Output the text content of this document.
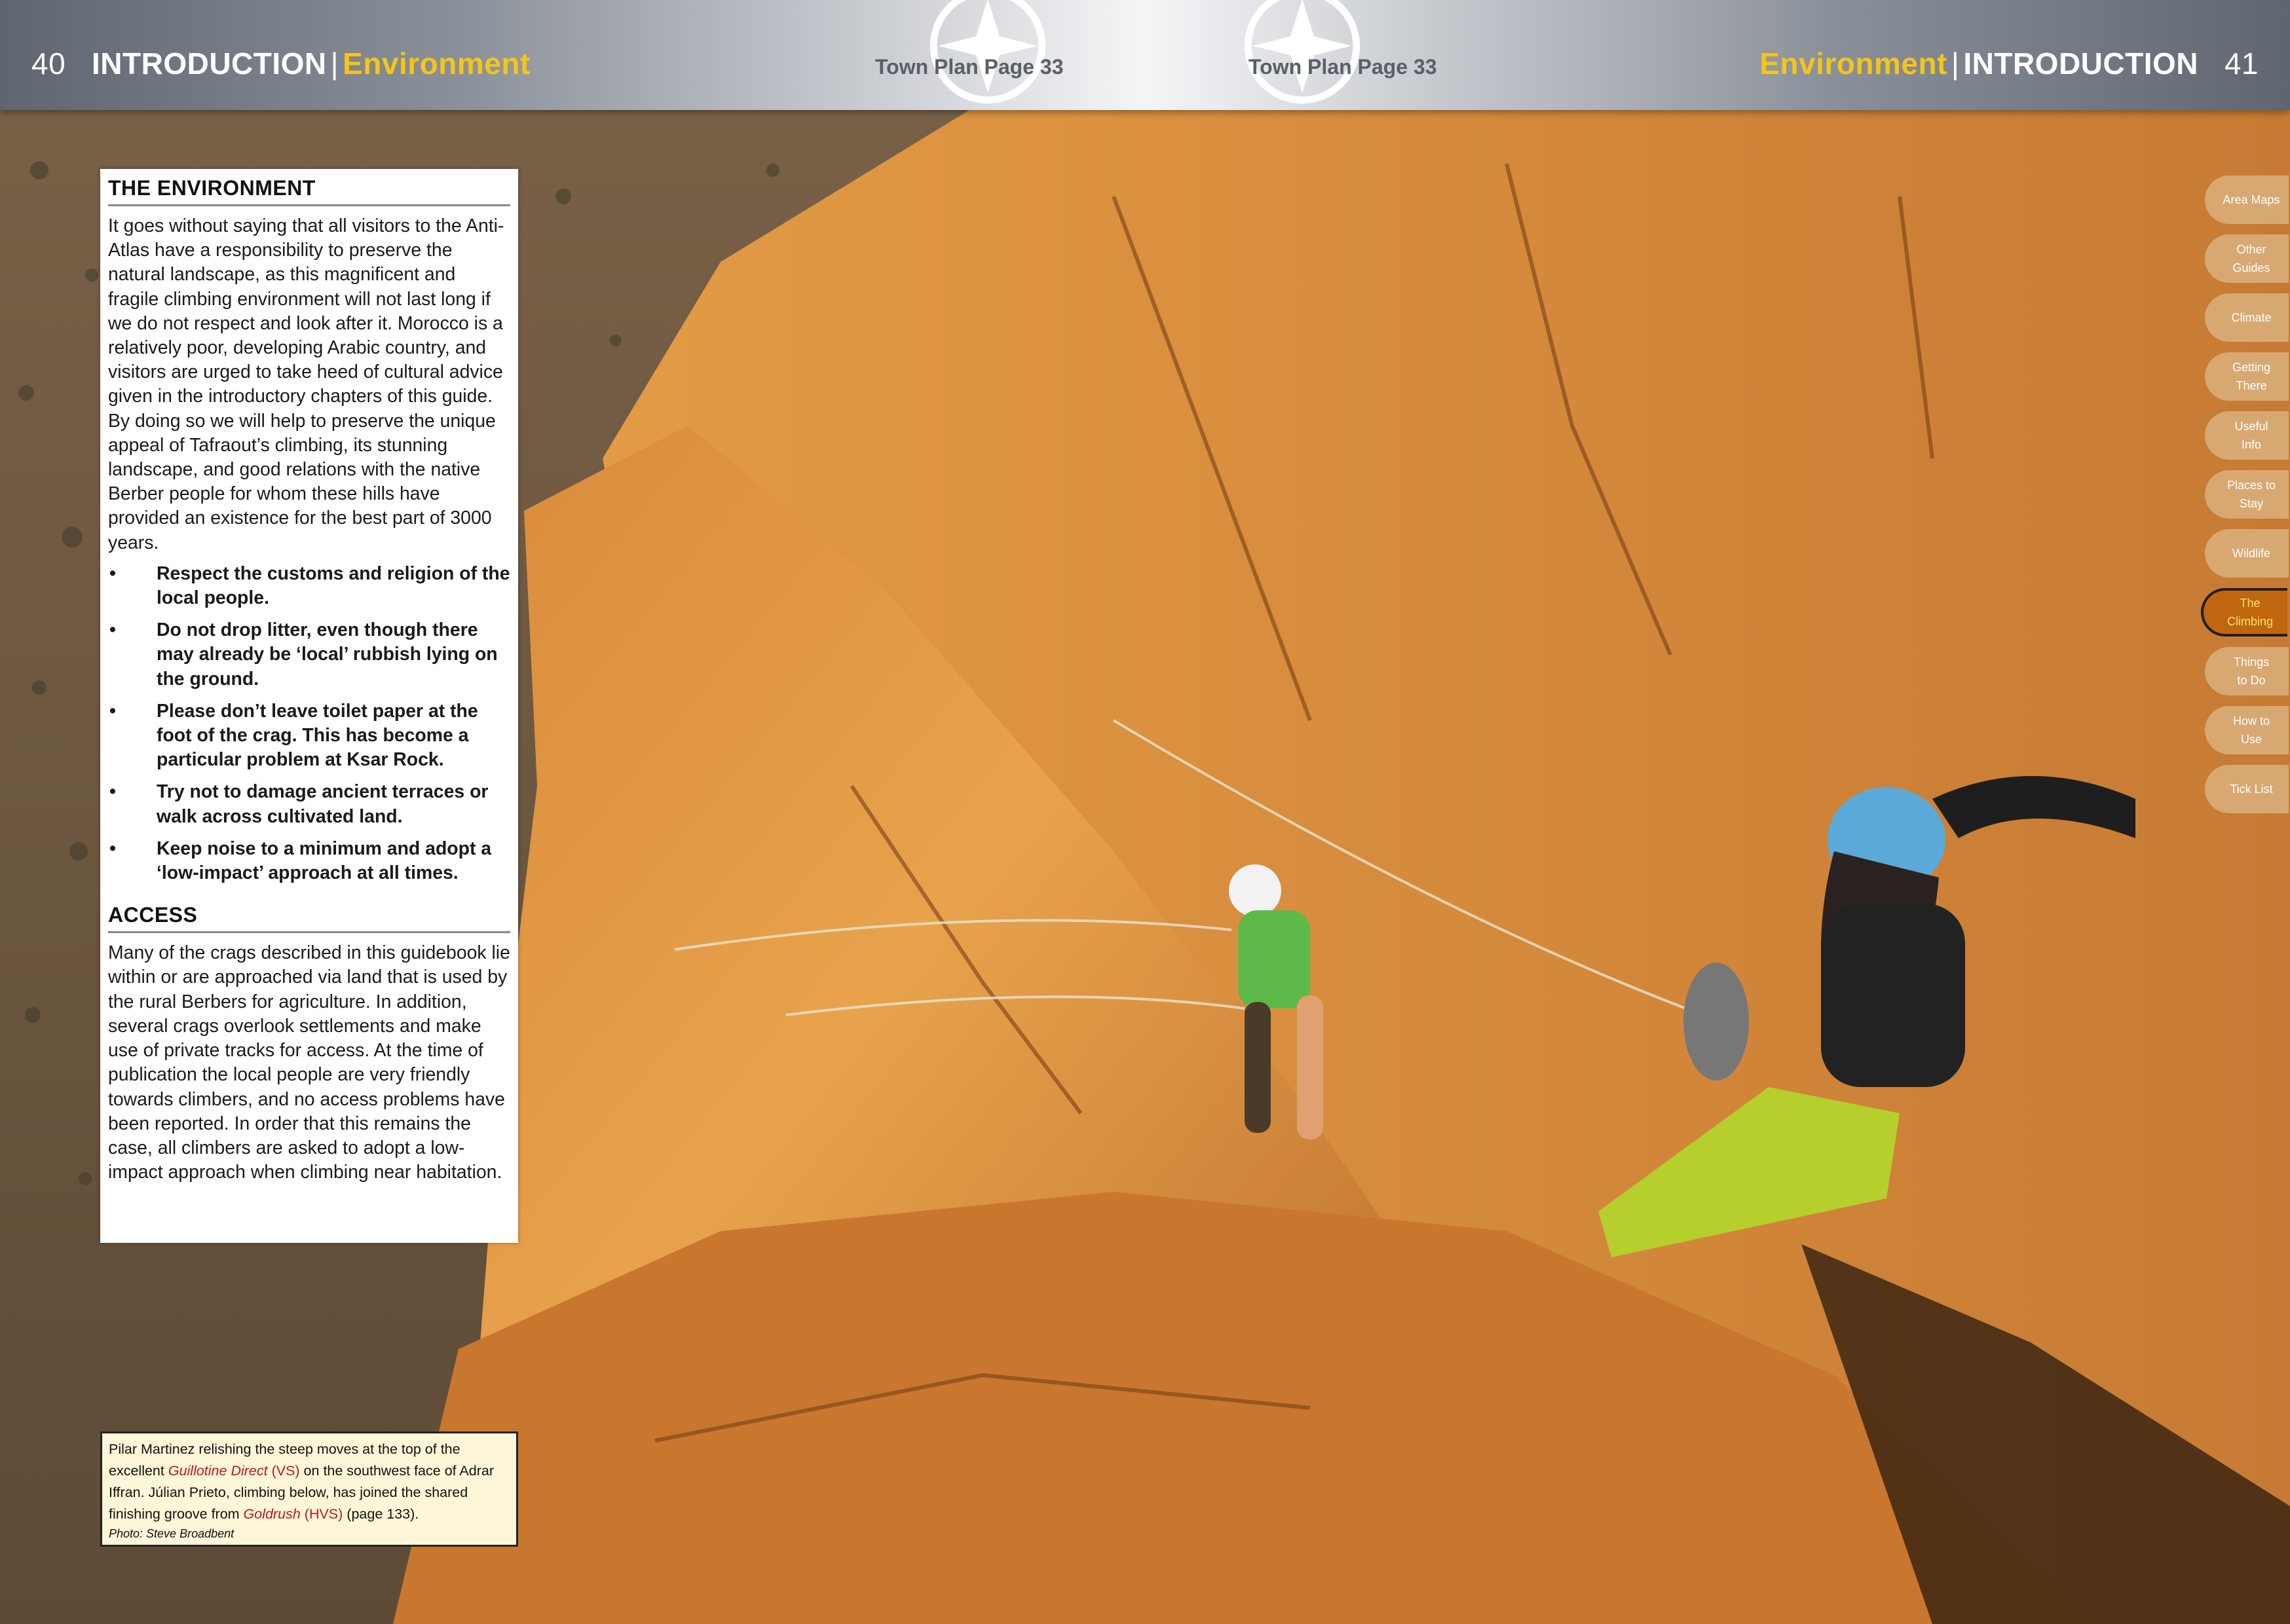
40 INTRODUCTION | Environment	Town Plan Page 33	Town Plan Page 33	Environment | INTRODUCTION 41
THE ENVIRONMENT

It goes without saying that all visitors to the Anti-Atlas have a responsibility to preserve the natural landscape, as this magnificent and fragile climbing environment will not last long if we do not respect and look after it. Morocco is a relatively poor, developing Arabic country, and visitors are urged to take heed of cultural advice given in the introductory chapters of this guide. By doing so we will help to preserve the unique appeal of Tafraout’s climbing, its stunning landscape, and good relations with the native Berber people for whom these hills have provided an existence for the best part of 3000 years.

• Respect the customs and religion of the local people.
• Do not drop litter, even though there may already be ‘local’ rubbish lying on the ground.
• Please don’t leave toilet paper at the foot of the crag. This has become a particular problem at Ksar Rock.
• Try not to damage ancient terraces or walk across cultivated land.
• Keep noise to a minimum and adopt a ‘low-impact’ approach at all times.
ACCESS

Many of the crags described in this guidebook lie within or are approached via land that is used by the rural Berbers for agriculture. In addition, several crags overlook settlements and make use of private tracks for access. At the time of publication the local people are very friendly towards climbers, and no access problems have been reported. In order that this remains the case, all climbers are asked to adopt a low-impact approach when climbing near habitation.

Pilar Martinez relishing the steep moves at the top of the excellent Guillotine Direct (VS) on the southwest face of Adrar Iffran. Júlian Prieto, climbing below, has joined the shared finishing groove from Goldrush (HVS) (page 133).
Photo: Steve Broadbent
Area Maps
Other
Guides
Climate
Getting
There
Useful
Info
Places to
Stay
Wildlife
The
Climbing
Things
to Do
How to
Use
Tick List
